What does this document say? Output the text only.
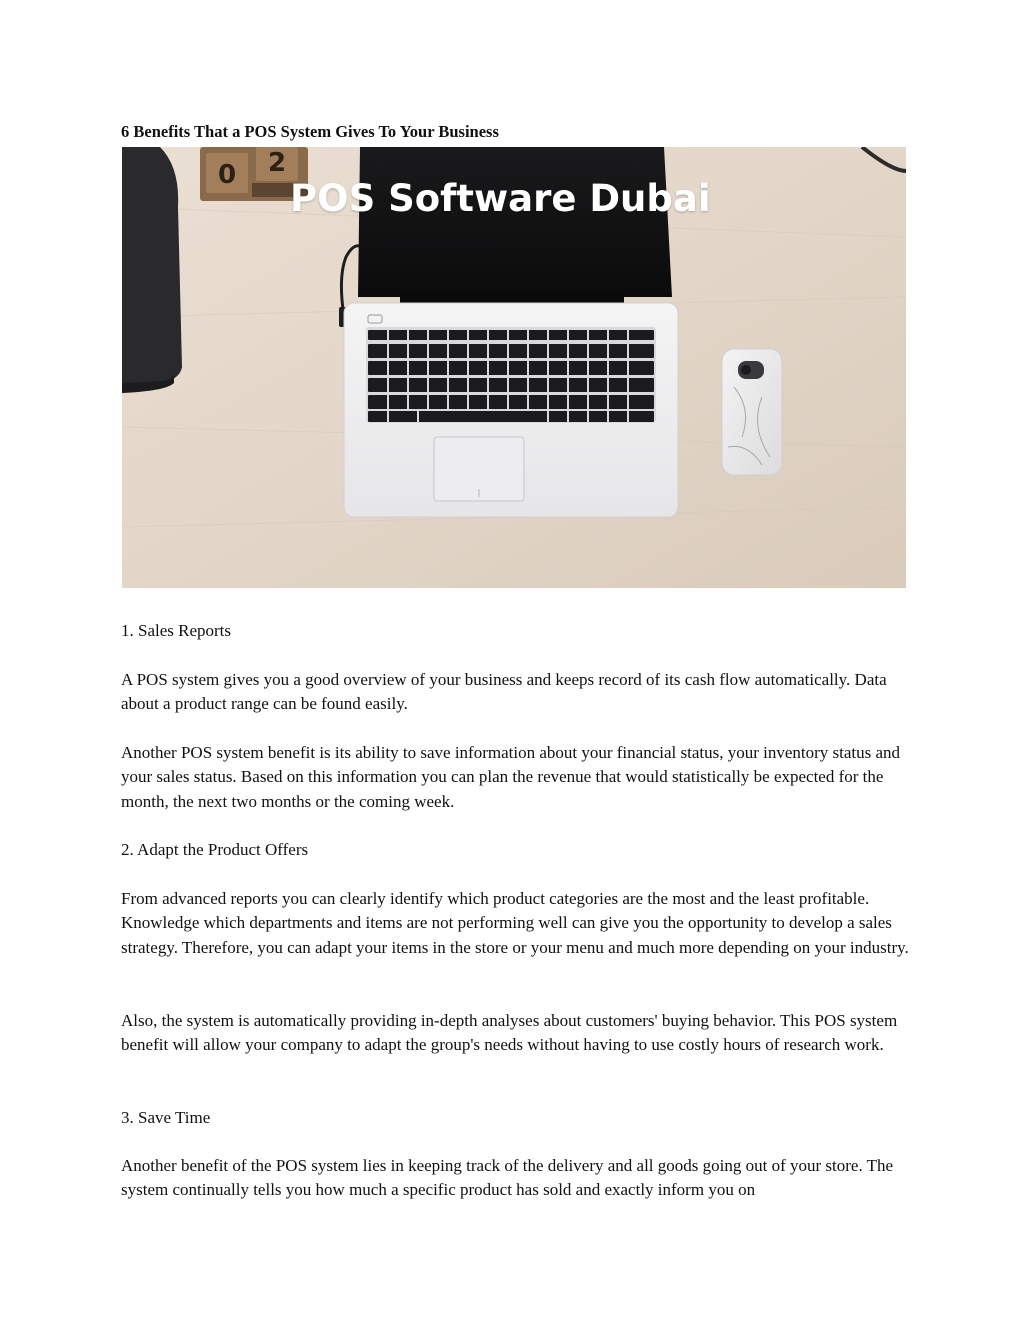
6 Benefits That a POS System Gives To Your Business
0 2
POS Software Dubai
1. Sales Reports
A POS system gives you a good overview of your business and keeps record of its cash flow automatically. Data about a product range can be found easily.
Another POS system benefit is its ability to save information about your financial status, your inventory status and your sales status. Based on this information you can plan the revenue that would statistically be expected for the month, the next two months or the coming week.
2. Adapt the Product Offers
From advanced reports you can clearly identify which product categories are the most and the least profitable. Knowledge which departments and items are not performing well can give you the opportunity to develop a sales strategy. Therefore, you can adapt your items in the store or your menu and much more depending on your industry.
Also, the system is automatically providing in-depth analyses about customers' buying behavior. This POS system benefit will allow your company to adapt the group's needs without having to use costly hours of research work.
3. Save Time
Another benefit of the POS system lies in keeping track of the delivery and all goods going out of your store. The system continually tells you how much a specific product has sold and exactly inform you on
